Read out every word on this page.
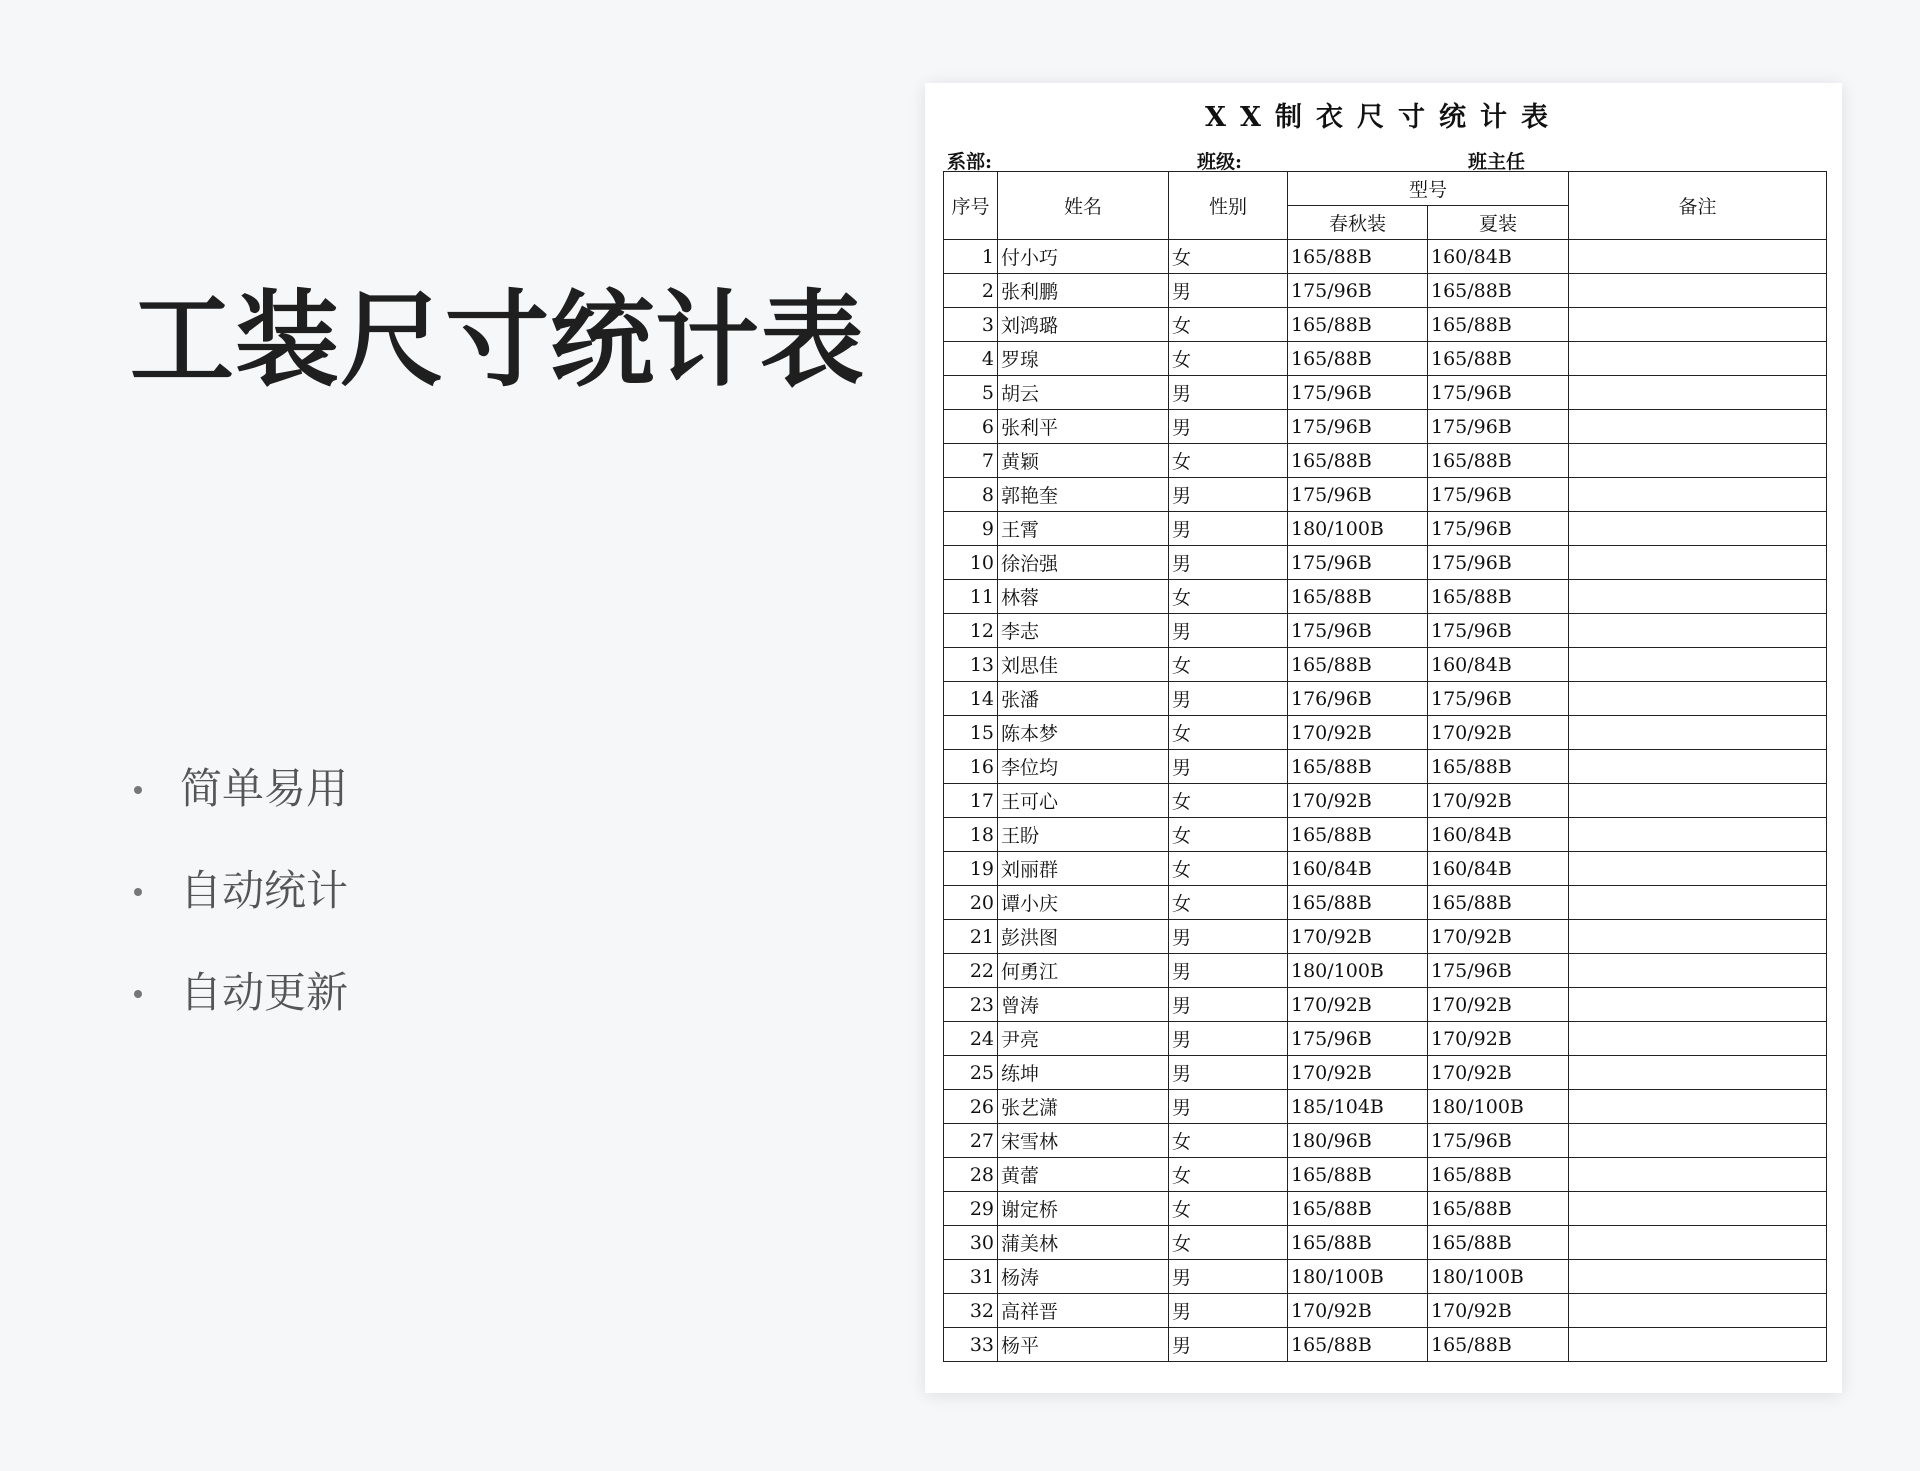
工装尺寸统计表
简单易用
自动统计
自动更新
XX制衣尺寸统计表
系部:	班级:	班主任
序号	姓名	性别	型号		备注
			春秋装	夏装	
1	付小巧	女	165/88B	160/84B	
2	张利鹏	男	175/96B	165/88B	
3	刘鸿璐	女	165/88B	165/88B	
4	罗瑔	女	165/88B	165/88B	
5	胡云	男	175/96B	175/96B	
6	张利平	男	175/96B	175/96B	
7	黄颖	女	165/88B	165/88B	
8	郭艳奎	男	175/96B	175/96B	
9	王霄	男	180/100B	175/96B	
10	徐治强	男	175/96B	175/96B	
11	林蓉	女	165/88B	165/88B	
12	李志	男	175/96B	175/96B	
13	刘思佳	女	165/88B	160/84B	
14	张潘	男	176/96B	175/96B	
15	陈本梦	女	170/92B	170/92B	
16	李位均	男	165/88B	165/88B	
17	王可心	女	170/92B	170/92B	
18	王盼	女	165/88B	160/84B	
19	刘丽群	女	160/84B	160/84B	
20	谭小庆	女	165/88B	165/88B	
21	彭洪图	男	170/92B	170/92B	
22	何勇江	男	180/100B	175/96B	
23	曾涛	男	170/92B	170/92B	
24	尹亮	男	175/96B	170/92B	
25	练坤	男	170/92B	170/92B	
26	张艺潇	男	185/104B	180/100B	
27	宋雪林	女	180/96B	175/96B	
28	黄蕾	女	165/88B	165/88B	
29	谢定桥	女	165/88B	165/88B	
30	蒲美林	女	165/88B	165/88B	
31	杨涛	男	180/100B	180/100B	
32	高祥晋	男	170/92B	170/92B	
33	杨平	男	165/88B	165/88B	
